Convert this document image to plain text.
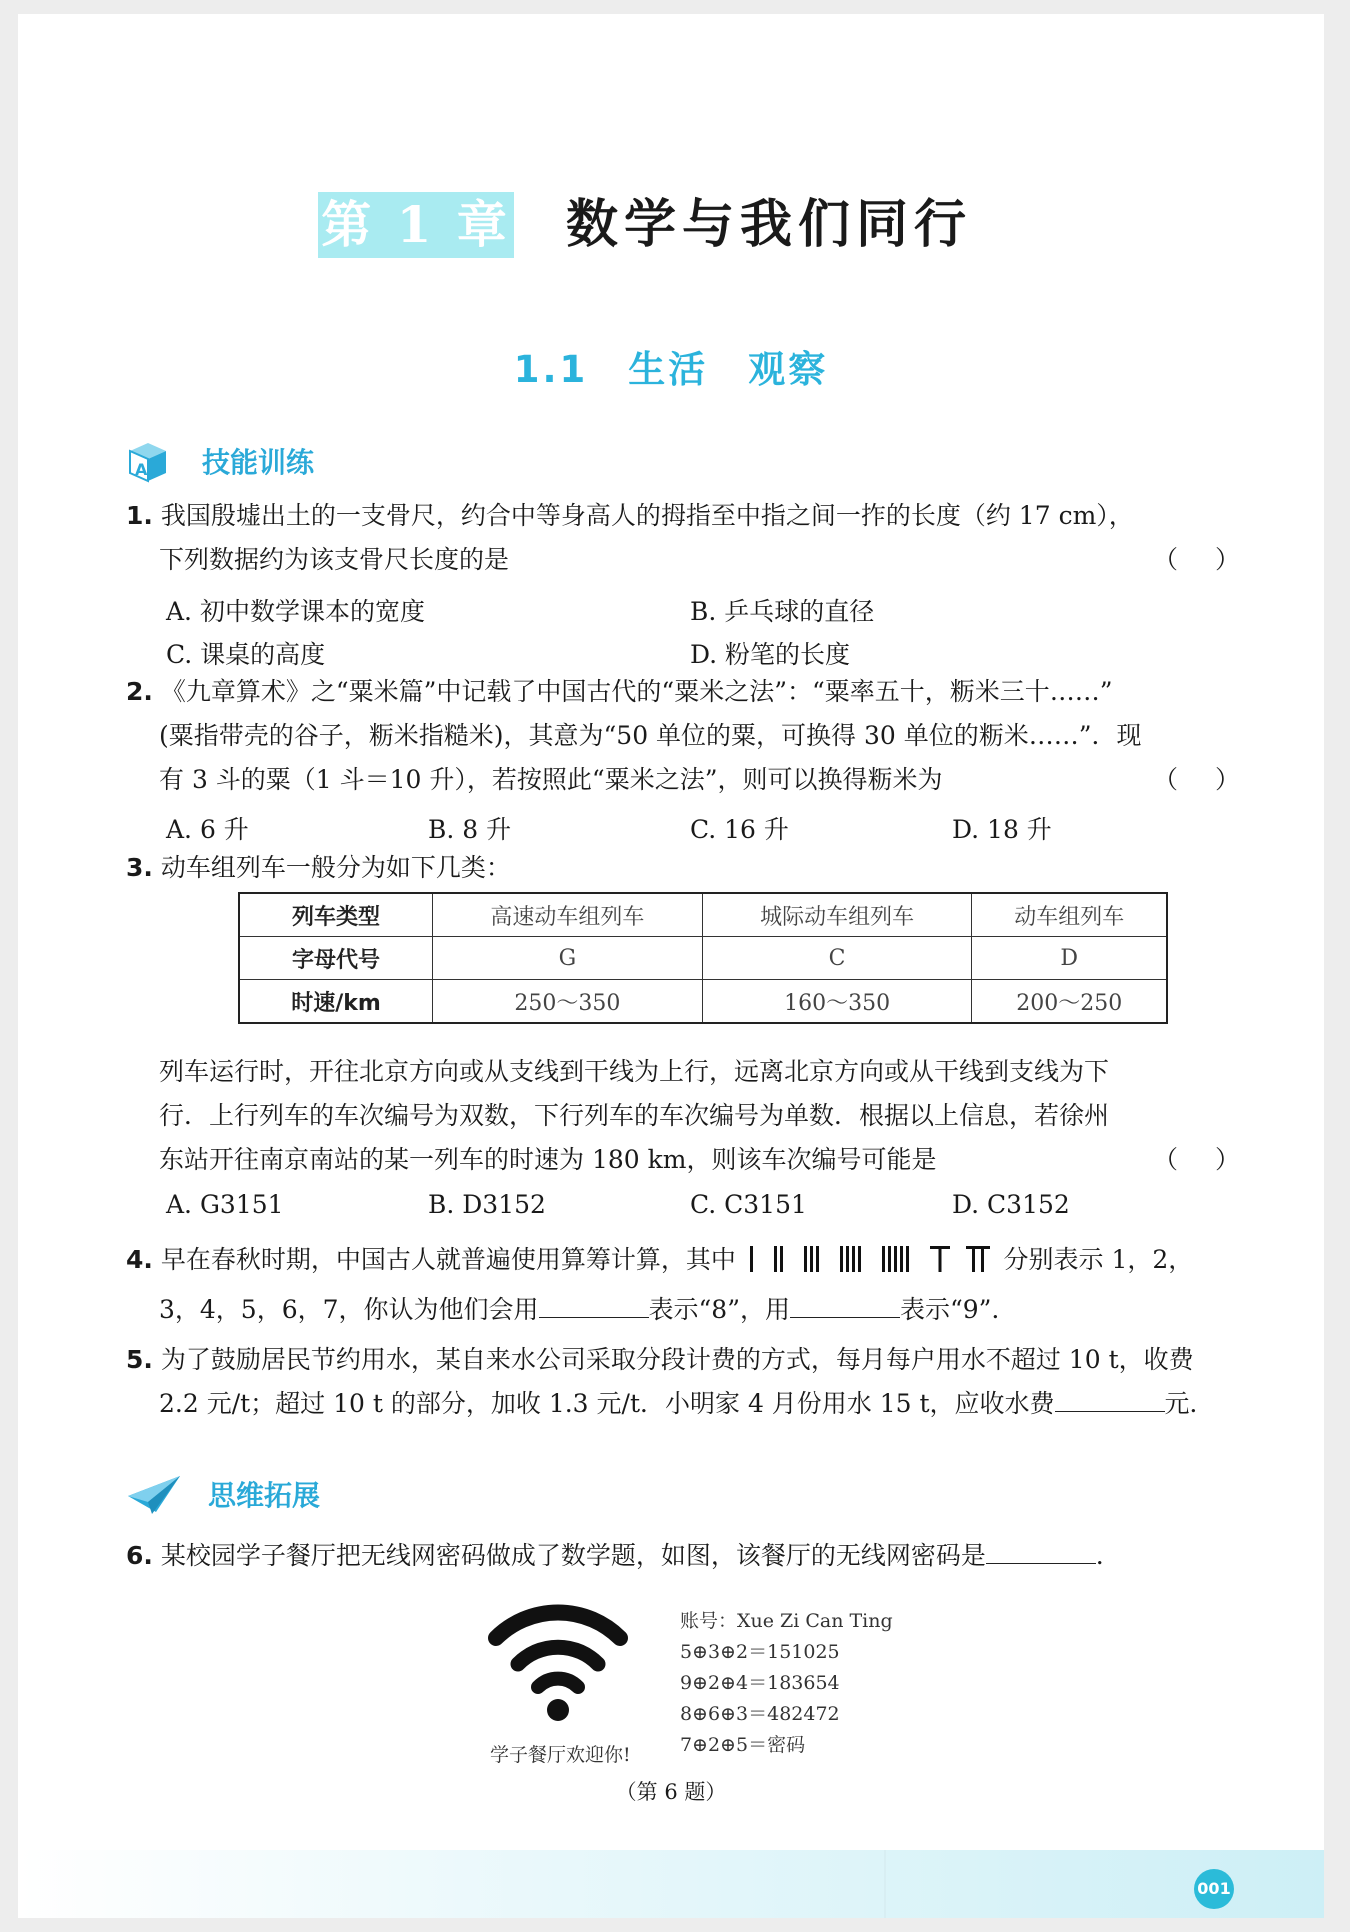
第 1 章 数学与我们同行
1.1　生活　观察
A 技能训练
1. 我国殷墟出土的一支骨尺，约合中等身高人的拇指至中指之间一拃的长度（约 17 cm），
下列数据约为该支骨尺长度的是	（　）
A. 初中数学课本的宽度	B. 乒乓球的直径
C. 课桌的高度	D. 粉笔的长度
2. 《九章算术》之“粟米篇”中记载了中国古代的“粟米之法”：“粟率五十，粝米三十……”
(粟指带壳的谷子，粝米指糙米)，其意为“50 单位的粟，可换得 30 单位的粝米……”．现
有 3 斗的粟（1 斗＝10 升），若按照此“粟米之法”，则可以换得粝米为	（　）
A. 6 升	B. 8 升	C. 16 升	D. 18 升
3. 动车组列车一般分为如下几类：
列车类型	高速动车组列车	城际动车组列车	动车组列车
字母代号	G	C	D
时速/km	250～350	160～350	200～250
列车运行时，开往北京方向或从支线到干线为上行，远离北京方向或从干线到支线为下
行．上行列车的车次编号为双数，下行列车的车次编号为单数．根据以上信息，若徐州
东站开往南京南站的某一列车的时速为 180 km，则该车次编号可能是	（　）
A. G3151	B. D3152	C. C3151	D. C3152
4. 早在春秋时期，中国古人就普遍使用算筹计算，其中	分别表示 1，2，
3，4，5，6，7，你认为他们会用	表示“8”，用	表示“9”．
5. 为了鼓励居民节约用水，某自来水公司采取分段计费的方式，每月每户用水不超过 10 t，收费
2.2 元/t；超过 10 t 的部分，加收 1.3 元/t．小明家 4 月份用水 15 t，应收水费	元．
思维拓展
6. 某校园学子餐厅把无线网密码做成了数学题，如图，该餐厅的无线网密码是	．
学子餐厅欢迎你!
账号：Xue Zi Can Ting
5⊕3⊕2＝151025
9⊕2⊕4＝183654
8⊕6⊕3＝482472
7⊕2⊕5＝密码
（第 6 题）
001
